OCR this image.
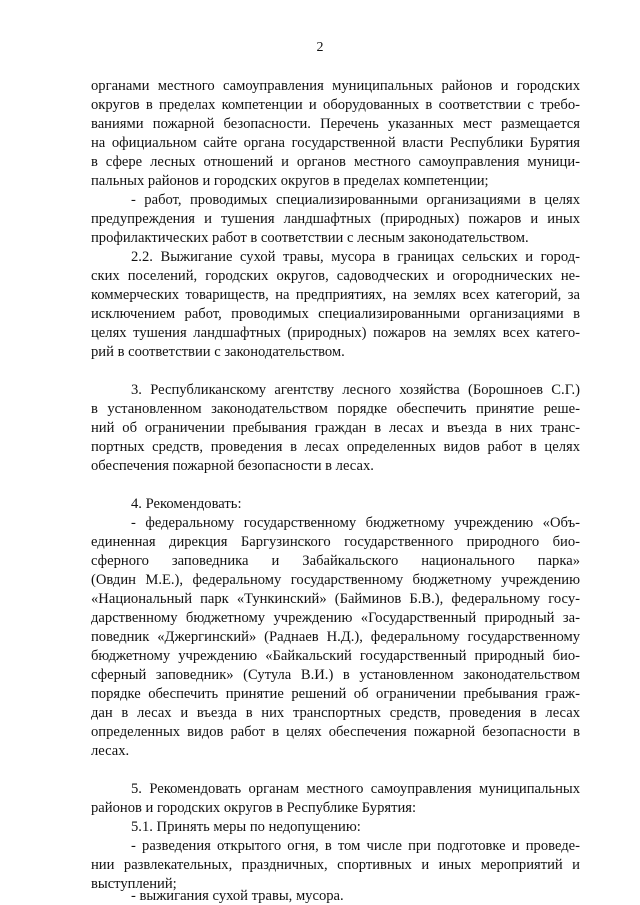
2
органами местного самоуправления муниципальных районов и городских
округов в пределах компетенции и оборудованных в соответствии с требо-
ваниями пожарной безопасности. Перечень указанных мест размещается
на официальном сайте органа государственной власти Республики Бурятия
в сфере лесных отношений и органов местного самоуправления муници-
пальных районов и городских округов в пределах компетенции;
- работ, проводимых специализированными организациями в целях
предупреждения и тушения ландшафтных (природных) пожаров и иных
профилактических работ в соответствии с лесным законодательством.
2.2. Выжигание сухой травы, мусора в границах сельских и город-
ских поселений, городских округов, садоводческих и огороднических не-
коммерческих товариществ, на предприятиях, на землях всех категорий, за
исключением работ, проводимых специализированными организациями в
целях тушения ландшафтных (природных) пожаров на землях всех катего-
рий в соответствии с законодательством.
3. Республиканскому агентству лесного хозяйства (Борошноев С.Г.)
в установленном законодательством порядке обеспечить принятие реше-
ний об ограничении пребывания граждан в лесах и въезда в них транс-
портных средств, проведения в лесах определенных видов работ в целях
обеспечения пожарной безопасности в лесах.
4. Рекомендовать:
- федеральному государственному бюджетному учреждению «Объ-
единенная дирекция Баргузинского государственного природного био-
сферного заповедника и Забайкальского национального парка»
(Овдин М.Е.), федеральному государственному бюджетному учреждению
«Национальный парк «Тункинский» (Байминов Б.В.), федеральному госу-
дарственному бюджетному учреждению «Государственный природный за-
поведник «Джергинский» (Раднаев Н.Д.), федеральному государственному
бюджетному учреждению «Байкальский государственный природный био-
сферный заповедник» (Сутула В.И.) в установленном законодательством
порядке обеспечить принятие решений об ограничении пребывания граж-
дан в лесах и въезда в них транспортных средств, проведения в лесах
определенных видов работ в целях обеспечения пожарной безопасности в
лесах.
5. Рекомендовать органам местного самоуправления муниципальных
районов и городских округов в Республике Бурятия:
5.1. Принять меры по недопущению:
- разведения открытого огня, в том числе при подготовке и проведе-
нии развлекательных, праздничных, спортивных и иных мероприятий и
выступлений;
- выжигания сухой травы, мусора.
